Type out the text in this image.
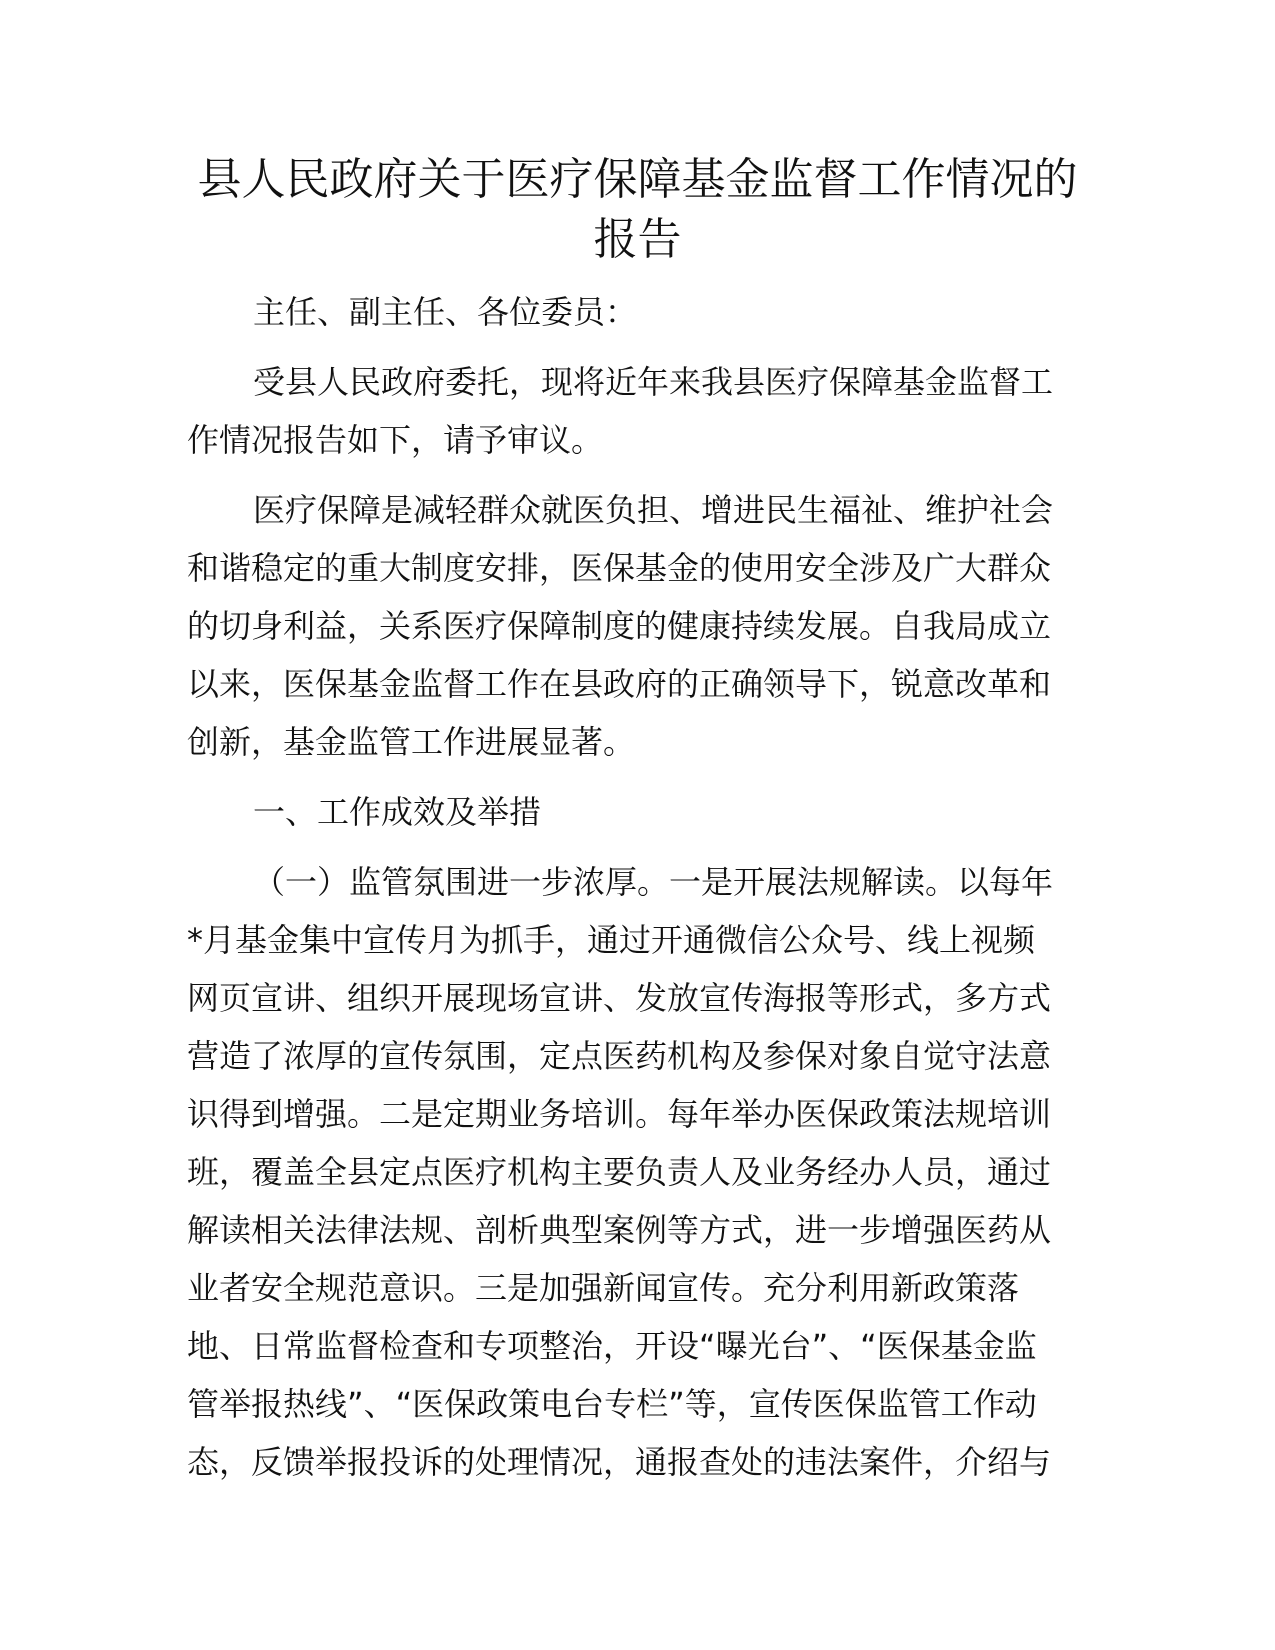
县人民政府关于医疗保障基金监督工作情况的
报告
主任、副主任、各位委员：
受县人民政府委托，现将近年来我县医疗保障基金监督工
作情况报告如下，请予审议。
医疗保障是减轻群众就医负担、增进民生福祉、维护社会
和谐稳定的重大制度安排，医保基金的使用安全涉及广大群众
的切身利益，关系医疗保障制度的健康持续发展。自我局成立
以来，医保基金监督工作在县政府的正确领导下，锐意改革和
创新，基金监管工作进展显著。
一、工作成效及举措
（一）监管氛围进一步浓厚。一是开展法规解读。以每年
*月基金集中宣传月为抓手，通过开通微信公众号、线上视频
网页宣讲、组织开展现场宣讲、发放宣传海报等形式，多方式
营造了浓厚的宣传氛围，定点医药机构及参保对象自觉守法意
识得到增强。二是定期业务培训。每年举办医保政策法规培训
班，覆盖全县定点医疗机构主要负责人及业务经办人员，通过
解读相关法律法规、剖析典型案例等方式，进一步增强医药从
业者安全规范意识。三是加强新闻宣传。充分利用新政策落
地、日常监督检查和专项整治，开设“曝光台”、“医保基金监
管举报热线”、“医保政策电台专栏”等，宣传医保监管工作动
态，反馈举报投诉的处理情况，通报查处的违法案件，介绍与
